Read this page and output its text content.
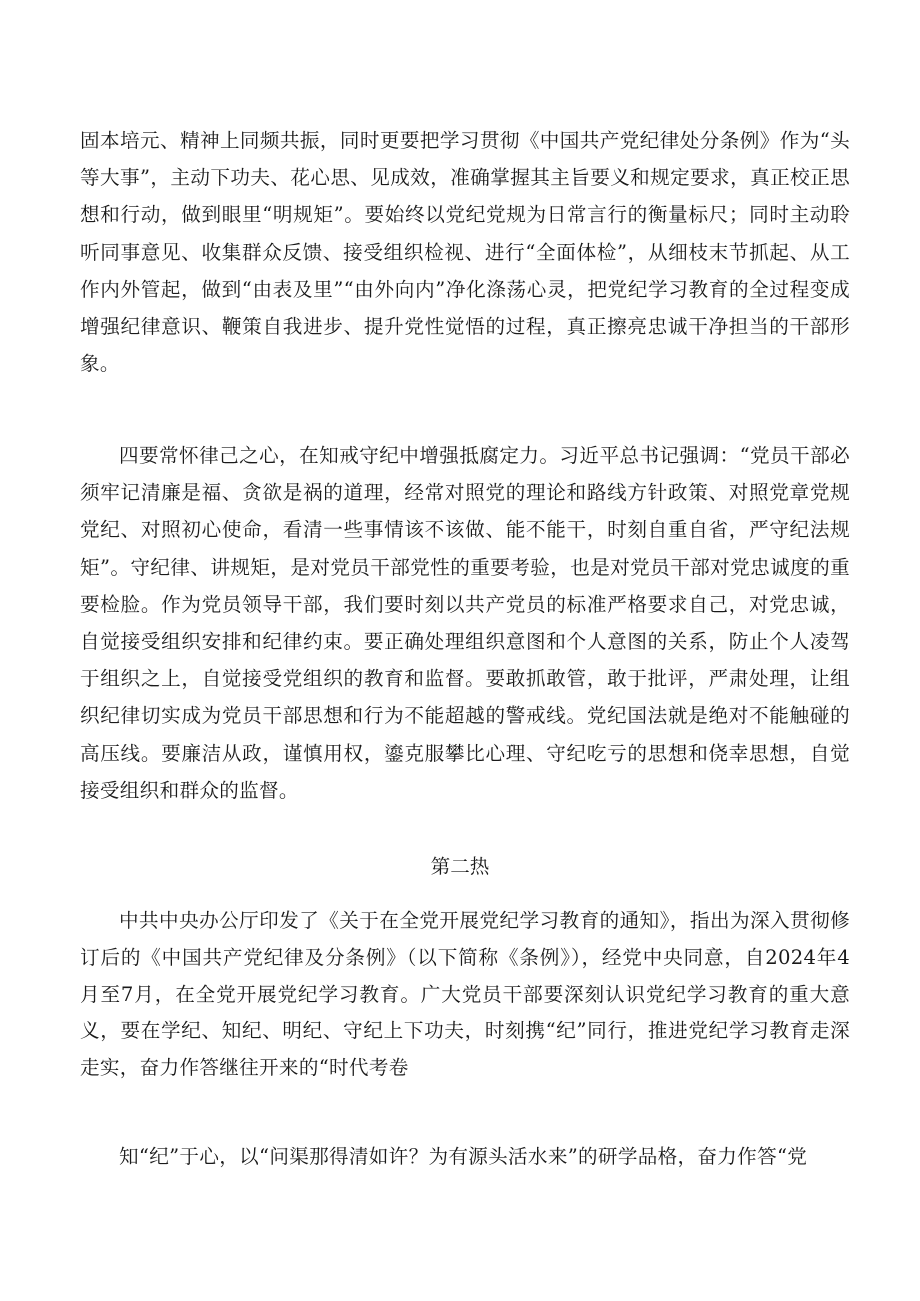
固本培元、精神上同频共振，同时更要把学习贯彻《中国共产党纪律处分条例》作为“头等大事”，主动下功夫、花心思、见成效，准确掌握其主旨要义和规定要求，真正校正思想和行动，做到眼里“明规矩”。要始终以党纪党规为日常言行的衡量标尺；同时主动聆听同事意见、收集群众反馈、接受组织检视、进行“全面体检”，从细枝末节抓起、从工作内外管起，做到“由表及里”“由外向内”净化涤荡心灵，把党纪学习教育的全过程变成增强纪律意识、鞭策自我进步、提升党性觉悟的过程，真正擦亮忠诚干净担当的干部形象。

四要常怀律己之心，在知戒守纪中增强抵腐定力。习近平总书记强调：“党员干部必须牢记清廉是福、贪欲是祸的道理，经常对照党的理论和路线方针政策、对照党章党规党纪、对照初心使命，看清一些事情该不该做、能不能干，时刻自重自省，严守纪法规矩”。守纪律、讲规矩，是对党员干部党性的重要考验，也是对党员干部对党忠诚度的重要检脸。作为党员领导干部，我们要时刻以共产党员的标准严格要求自己，对党忠诚，自觉接受组织安排和纪律约束。要正确处理组织意图和个人意图的关系，防止个人凌驾于组织之上，自觉接受党组织的教育和监督。要敢抓敢管，敢于批评，严肃处理，让组织纪律切实成为党员干部思想和行为不能超越的警戒线。党纪国法就是绝对不能触碰的高压线。要廉洁从政，谨慎用权，鎏克服攀比心理、守纪吃亏的思想和侥幸思想，自觉接受组织和群众的监督。

第二热

中共中央办公厅印发了《关于在全党开展党纪学习教育的通知》，指出为深入贯彻修订后的《中国共产党纪律及分条例》（以下简称《条例》），经党中央同意，自2024年4月至7月，在全党开展党纪学习教育。广大党员干部要深刻认识党纪学习教育的重大意义，要在学纪、知纪、明纪、守纪上下功夫，时刻携“纪”同行，推进党纪学习教育走深走实，奋力作答继往开来的“时代考卷

知“纪”于心，以“问渠那得清如许？为有源头活水来”的研学品格，奋力作答“党
